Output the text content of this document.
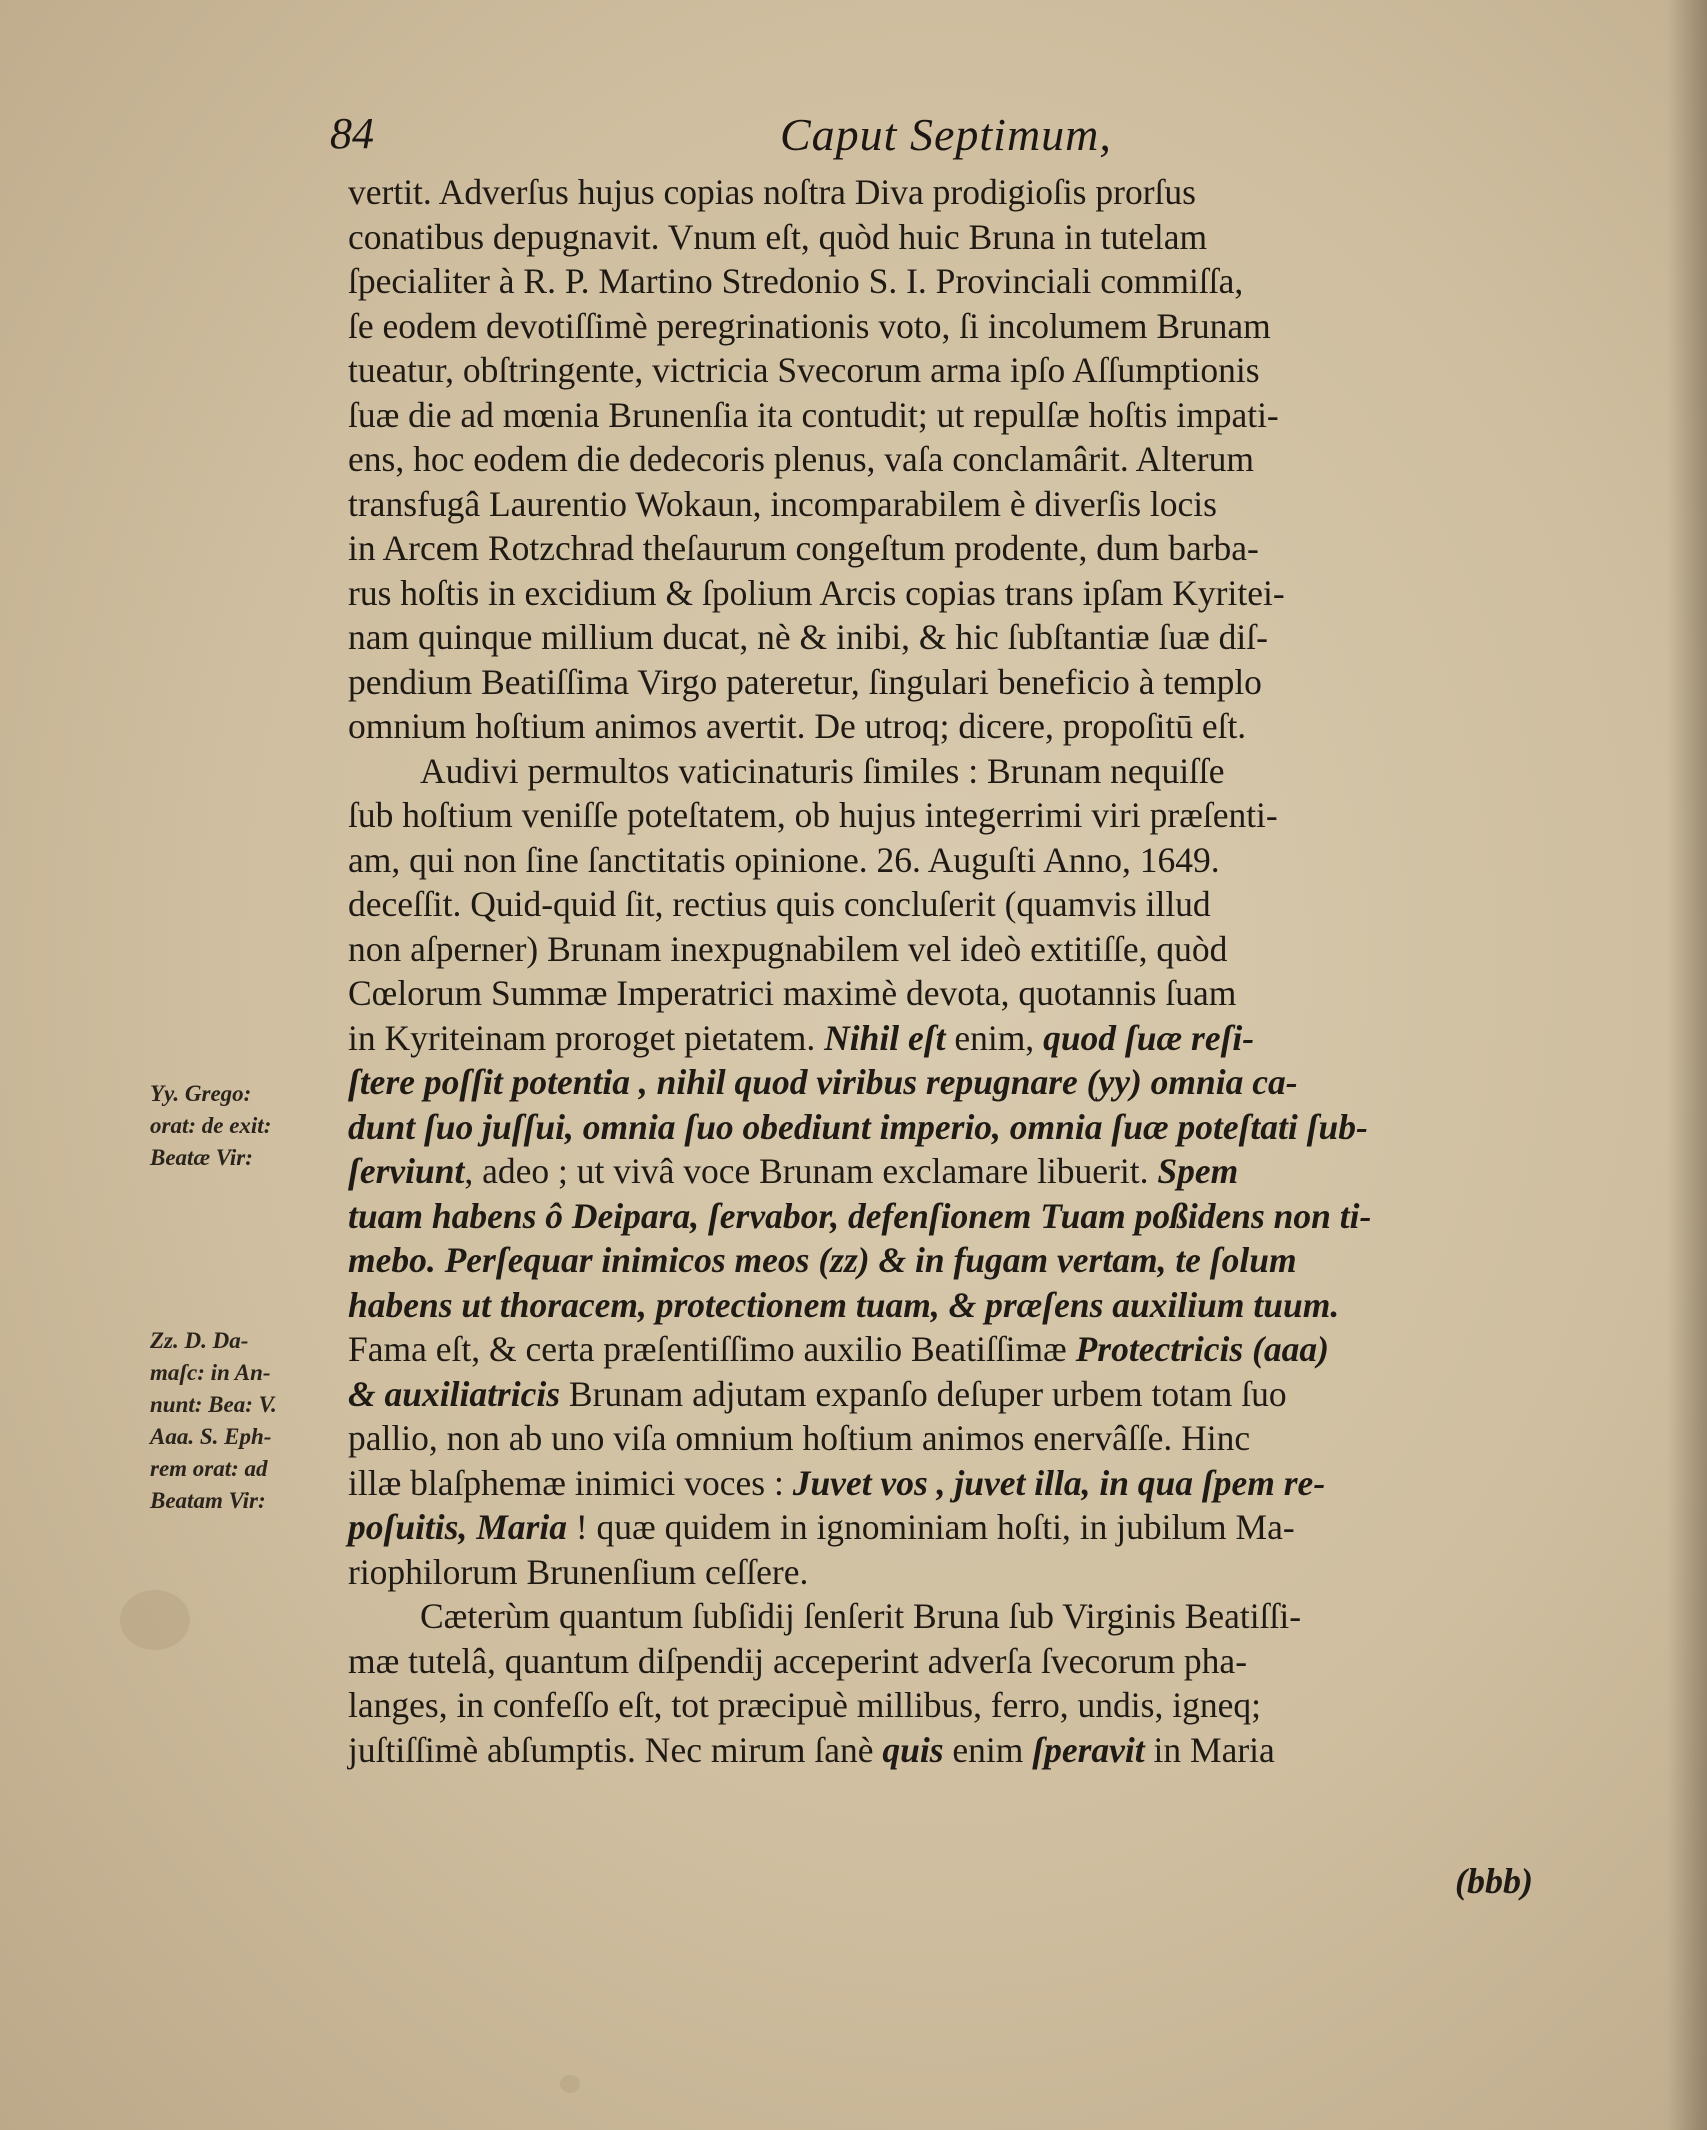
84	Caput Septimum,
vertit. Adverſus hujus copias noſtra Diva prodigioſis prorſus
conatibus depugnavit. Vnum eſt, quòd huic Bruna in tutelam
ſpecialiter à R. P. Martino Stredonio S. I. Provinciali commiſſa,
ſe eodem devotiſſimè peregrinationis voto, ſi incolumem Brunam
tueatur, obſtringente, victricia Svecorum arma ipſo Aſſumptionis
ſuæ die ad mœnia Brunenſia ita contudit; ut repulſæ hoſtis impati-
ens, hoc eodem die dedecoris plenus, vaſa conclamârit. Alterum
transfugâ Laurentio Wokaun, incomparabilem è diverſis locis
in Arcem Rotzchrad theſaurum congeſtum prodente, dum barba-
rus hoſtis in excidium & ſpolium Arcis copias trans ipſam Kyritei-
nam quinque millium ducat, nè & inibi, & hic ſubſtantiæ ſuæ diſ-
pendium Beatiſſima Virgo pateretur, ſingulari beneficio à templo
omnium hoſtium animos avertit. De utroq; dicere, propoſitū eſt.
Audivi permultos vaticinaturis ſimiles : Brunam nequiſſe
ſub hoſtium veniſſe poteſtatem, ob hujus integerrimi viri præſenti-
am, qui non ſine ſanctitatis opinione. 26. Auguſti Anno, 1649.
deceſſit. Quid-quid ſit, rectius quis concluſerit (quamvis illud
non aſperner) Brunam inexpugnabilem vel ideò extitiſſe, quòd
Cœlorum Summæ Imperatrici maximè devota, quotannis ſuam
in Kyriteinam proroget pietatem. Nihil eſt enim, quod ſuæ reſi-
ſtere poſſit potentia , nihil quod viribus repugnare (yy) omnia ca-
dunt ſuo juſſui, omnia ſuo obediunt imperio, omnia ſuæ poteſtati ſub-
ſerviunt, adeo ; ut vivâ voce Brunam exclamare libuerit. Spem
tuam habens ô Deipara, ſervabor, defenſionem Tuam poßidens non ti-
mebo. Perſequar inimicos meos (zz) & in fugam vertam, te ſolum
habens ut thoracem, protectionem tuam, & præſens auxilium tuum.
Fama eſt, & certa præſentiſſimo auxilio Beatiſſimæ Protectricis (aaa)
& auxiliatricis Brunam adjutam expanſo deſuper urbem totam ſuo
pallio, non ab uno viſa omnium hoſtium animos enervâſſe. Hinc
illæ blaſphemæ inimici voces : Juvet vos , juvet illa, in qua ſpem re-
poſuitis, Maria ! quæ quidem in ignominiam hoſti, in jubilum Ma-
riophilorum Brunenſium ceſſere.
Cæterùm quantum ſubſidij ſenſerit Bruna ſub Virginis Beatiſſi-
mæ tutelâ, quantum diſpendij acceperint adverſa ſvecorum pha-
langes, in confeſſo eſt, tot præcipuè millibus, ferro, undis, igneq;
juſtiſſimè abſumptis. Nec mirum ſanè quis enim ſperavit in Maria
Yy. Grego:
orat: de exit:
Beatæ Vir:
Zz. D. Da-
maſc: in An-
nunt: Bea: V.
Aaa. S. Eph-
rem orat: ad
Beatam Vir:
(bbb)
